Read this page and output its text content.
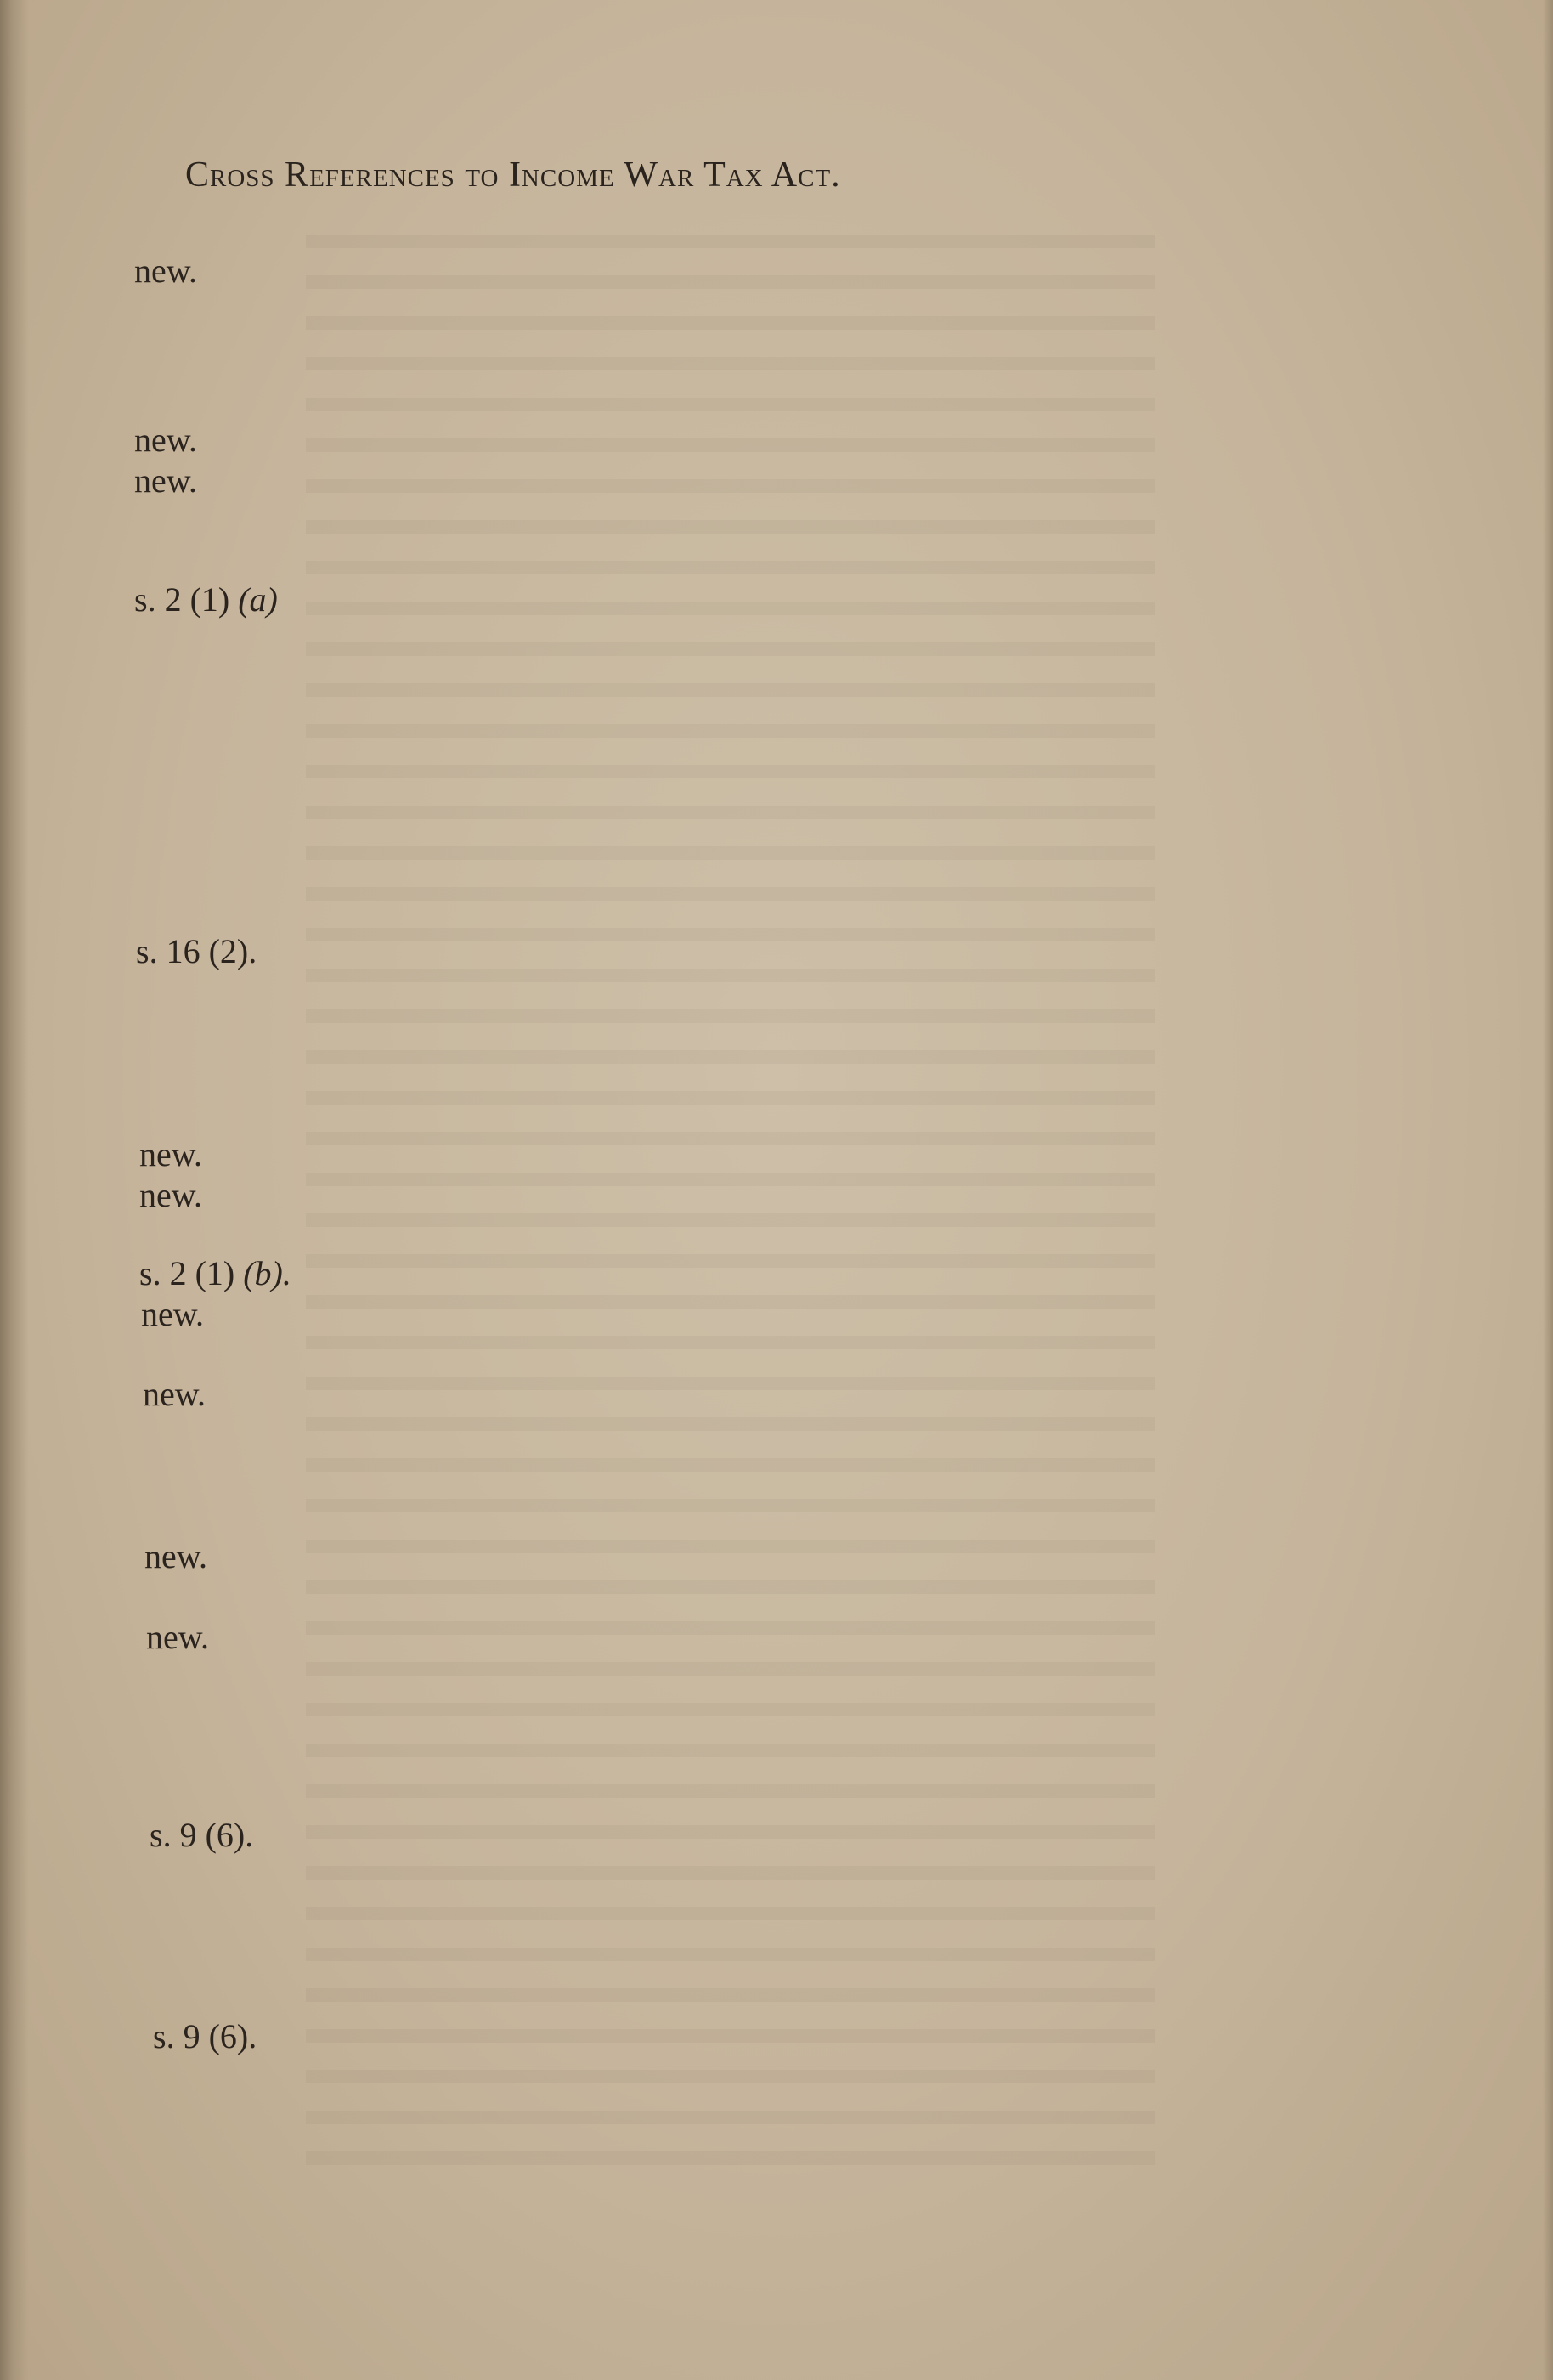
Cross References to Income War Tax Act.
new.
new.
new.
s. 2 (1) (a)
s. 16 (2).
new.
new.
s. 2 (1) (b).
new.
new.
new.
new.
s. 9 (6).
s. 9 (6).
